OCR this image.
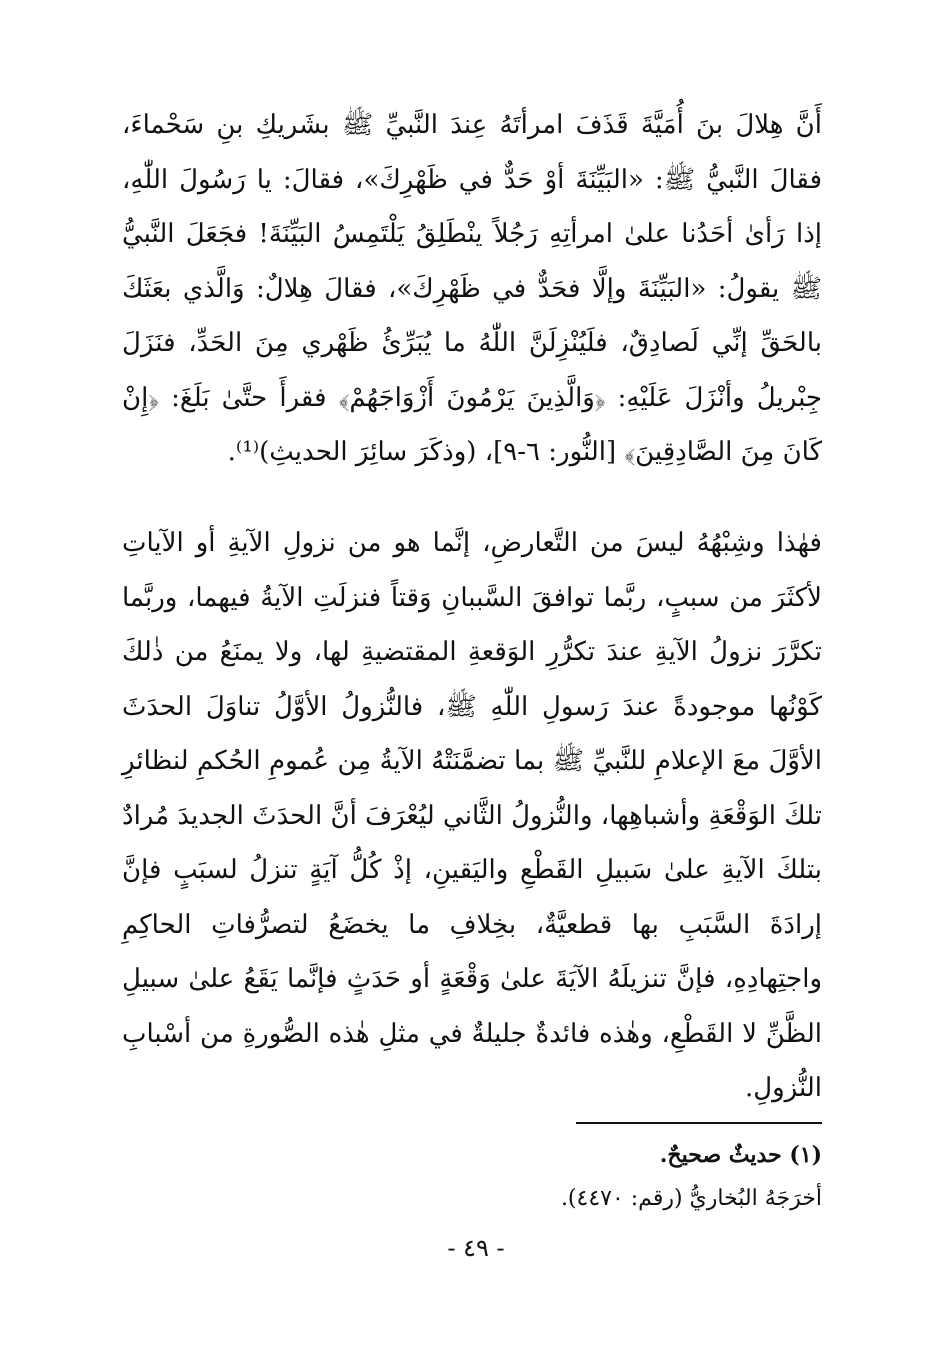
أَنَّ هِلالَ بنَ أُمَيَّةَ قَذَفَ امرأتَهُ عِندَ النَّبيِّ ﷺ بشَريكِ بنِ سَحْماءَ، فقالَ النَّبيُّ ﷺ: «البَيِّنَةَ أوْ حَدٌّ في ظَهْرِكَ»، فقالَ: يا رَسُولَ اللّٰهِ، إذا رَأىٰ أحَدُنا علىٰ امرأتِهِ رَجُلاً ينْطَلِقُ يَلْتَمِسُ البَيِّنَةَ! فجَعَلَ النَّبيُّ ﷺ يقولُ: «البَيِّنَةَ وإلَّا فحَدٌّ في ظَهْرِكَ»، فقالَ هِلالٌ: وَالَّذي بعَثَكَ بالحَقِّ إنِّي لَصادِقٌ، فلَيُنْزِلَنَّ اللّٰهُ ما يُبَرِّئُ ظَهْري مِنَ الحَدِّ، فنَزَلَ جِبْريلُ وأنْزَلَ عَلَيْهِ: ﴿وَالَّذِينَ يَرْمُونَ أَزْوَاجَهُمْ﴾ فقرأَ حتَّىٰ بَلَغَ: ﴿إِنْ كَانَ مِنَ الصَّادِقِينَ﴾ [النُّور: ٦-٩]، (وذكَرَ سائِرَ الحديثِ)⁽¹⁾.

فهٰذا وشِبْهُهُ ليسَ من التَّعارضِ، إنَّما هو من نزولِ الآيةِ أو الآياتِ لأكثَرَ من سببٍ، ربَّما توافقَ السَّببانِ وَقتاً فنزلَتِ الآيةُ فيهما، وربَّما تكرَّرَ نزولُ الآيةِ عندَ تكرُّرِ الوَقعةِ المقتضيةِ لها، ولا يمنَعُ من ذٰلكَ كَوْنُها موجودةً عندَ رَسولِ اللّٰهِ ﷺ، فالنُّزولُ الأوَّلُ تناوَلَ الحدَثَ الأوَّلَ معَ الإعلامِ للنَّبيِّ ﷺ بما تضمَّنَتْهُ الآيةُ مِن عُمومِ الحُكمِ لنظائرِ تلكَ الوَقْعَةِ وأشباهِها، والنُّزولُ الثَّاني ليُعْرَفَ أنَّ الحدَثَ الجديدَ مُرادٌ بتلكَ الآيةِ علىٰ سَبيلِ القَطْعِ واليَقينِ، إذْ كُلُّ آيَةٍ تنزلُ لسبَبٍ فإنَّ إرادَةَ السَّبَبِ بها قطعيَّةٌ، بخِلافِ ما يخضَعُ لتصرُّفاتِ الحاكِمِ واجتِهادِهِ، فإنَّ تنزيلَهُ الآيَةَ علىٰ وَقْعَةٍ أو حَدَثٍ فإنَّما يَقَعُ علىٰ سبيلِ الظَّنِّ لا القَطْعِ، وهٰذه فائدةٌ جليلةٌ في مثلِ هٰذه الصُّورةِ من أسْبابِ النُّزولِ.

(١) حديثٌ صحيحٌ.

أخرَجَهُ البُخاريُّ (رقم: ٤٤٧٠).

- ٤٩ -
